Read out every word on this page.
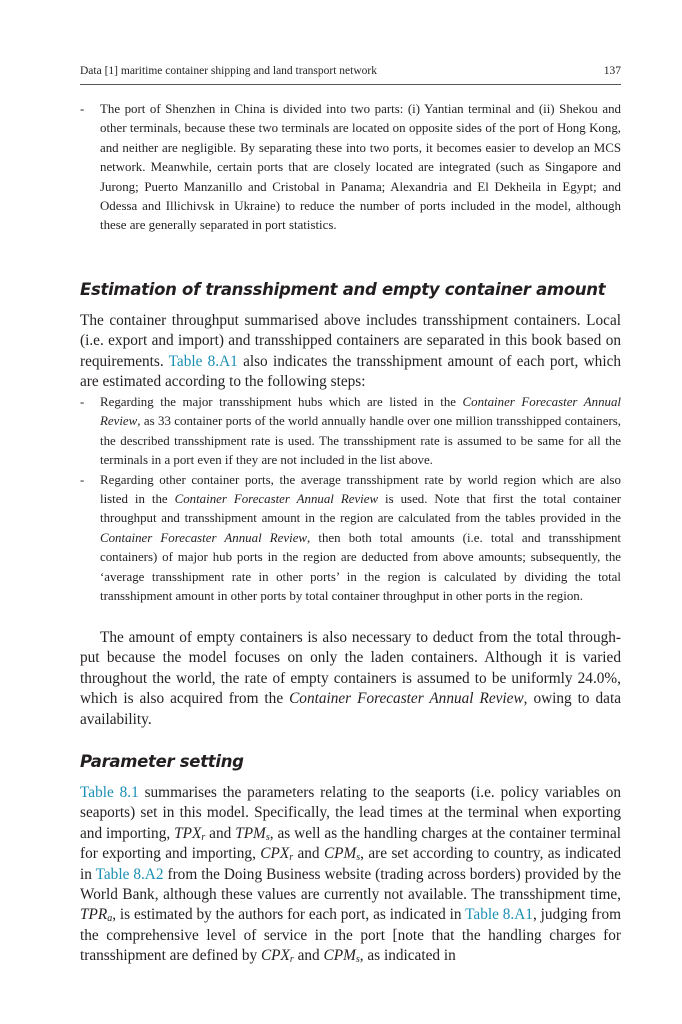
Data [1] maritime container shipping and land transport network	137
- The port of Shenzhen in China is divided into two parts: (i) Yantian terminal and (ii) Shekou and other terminals, because these two terminals are located on opposite sides of the port of Hong Kong, and neither are negligible. By separating these into two ports, it becomes easier to develop an MCS network. Meanwhile, certain ports that are closely located are integrated (such as Singapore and Jurong; Puerto Manzanillo and Cristobal in Panama; Alexandria and El Dekheila in Egypt; and Odessa and Illichivsk in Ukraine) to reduce the number of ports included in the model, although these are generally separated in port statistics.
Estimation of transshipment and empty container amount

The container throughput summarised above includes transshipment containers. Local (i.e. export and import) and transshipped containers are separated in this book based on requirements. Table 8.A1 also indicates the transshipment amount of each port, which are estimated according to the following steps:

- Regarding the major transshipment hubs which are listed in the Container Forecaster Annual Review, as 33 container ports of the world annually handle over one million transshipped containers, the described transshipment rate is used. The transshipment rate is assumed to be same for all the terminals in a port even if they are not included in the list above.
- Regarding other container ports, the average transshipment rate by world region which are also listed in the Container Forecaster Annual Review is used. Note that first the total container throughput and transshipment amount in the region are calculated from the tables provided in the Container Forecaster Annual Review, then both total amounts (i.e. total and transshipment containers) of major hub ports in the region are deducted from above amounts; subsequently, the ‘average transshipment rate in other ports’ in the region is calculated by dividing the total transshipment amount in other ports by total container throughput in other ports in the region.

The amount of empty containers is also necessary to deduct from the total throughput because the model focuses on only the laden containers. Although it is varied throughout the world, the rate of empty containers is assumed to be uniformly 24.0%, which is also acquired from the Container Forecaster Annual Review, owing to data availability.

Parameter setting

Table 8.1 summarises the parameters relating to the seaports (i.e. policy variables on seaports) set in this model. Specifically, the lead times at the terminal when exporting and importing, $TPX_r$ and $TPM_s$, as well as the handling charges at the container terminal for exporting and importing, $CPX_r$ and $CPM_s$, are set according to country, as indicated in Table 8.A2 from the Doing Business website (trading across borders) provided by the World Bank, although these values are currently not available. The transshipment time, $TPR_a$, is estimated by the authors for each port, as indicated in Table 8.A1, judging from the comprehensive level of service in the port [note that the handling charges for transshipment are defined by $CPX_r$ and $CPM_s$, as indicated in
